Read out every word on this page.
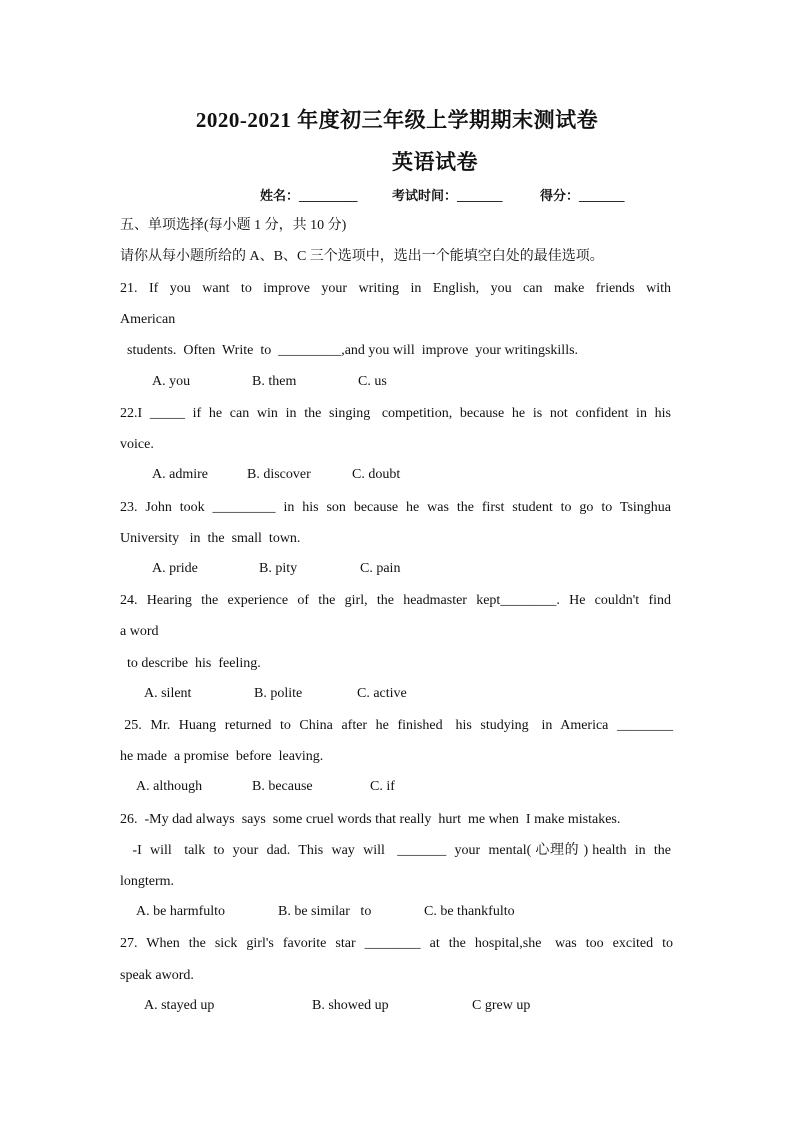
2020-2021 年度初三年级上学期期末测试卷
英语试卷
姓名：_________	考试时间：_______	得分：_______
五、单项选择(每小题 1 分，共 10 分)
请你从每小题所给的 A、B、C 三个选项中，选出一个能填空白处的最佳选项。
21.  If  you  want  to  improve  your  writing  in  English,  you  can  make  friends  with
American
students.  Often  Write  to  _________,and you will  improve  your writingskills.
A. you	B. them	C. us
22.I  _____  if  he  can  win  in  the  singing   competition,  because  he  is  not  confident  in  his
voice.
A. admire	B. discover	C. doubt
23.  John  took  _________  in  his  son  because  he  was  the  first  student  to  go  to  Tsinghua
University   in  the  small  town.
A. pride	B. pity	C. pain
24.  Hearing  the  experience  of  the  girl,  the  headmaster  kept________.  He  couldn't  find
a word
to describe  his  feeling.
A. silent	B. polite	C. active
25.  Mr.  Huang  returned  to  China  after  he  finished   his  studying   in  America  ________
he made  a promise  before  leaving.
A. although	B. because	C. if
26.  -My dad always  says  some cruel words that really  hurt  me when  I make mistakes.
-I  will   talk  to  your  dad.  This  way  will   _______  your  mental( 心理的 ) health  in  the
longterm.
A. be harmfulto	B. be similar   to	C. be thankfulto
27.  When  the  sick  girl's  favorite  star  ________  at  the  hospital,she   was  too  excited  to
speak aword.
A. stayed up	B. showed up	C grew up
